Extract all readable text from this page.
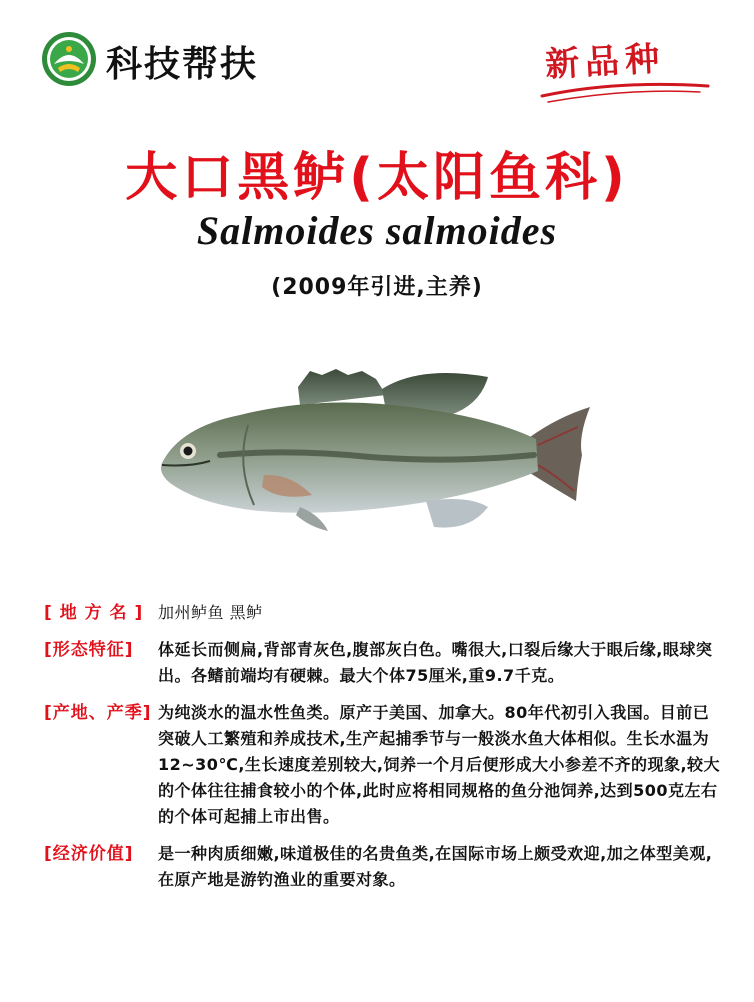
科技帮扶	新品种
大口黑鲈(太阳鱼科)
Salmoides salmoides
(2009年引进,主养)
[ 地 方 名 ] 加州鲈鱼 黑鲈
[形态特征]	体延长而侧扁,背部青灰色,腹部灰白色。嘴很大,口裂后缘大于眼后缘,眼球突出。各鳍前端均有硬棘。最大个体75厘米,重9.7千克。
[产地、产季] 为纯淡水的温水性鱼类。原产于美国、加拿大。80年代初引入我国。目前已突破人工繁殖和养成技术,生产起捕季节与一般淡水鱼大体相似。生长水温为12~30℃,生长速度差别较大,饲养一个月后便形成大小参差不齐的现象,较大的个体往往捕食较小的个体,此时应将相同规格的鱼分池饲养,达到500克左右的个体可起捕上市出售。
[经济价值]	是一种肉质细嫩,味道极佳的名贵鱼类,在国际市场上颇受欢迎,加之体型美观,在原产地是游钓渔业的重要对象。
